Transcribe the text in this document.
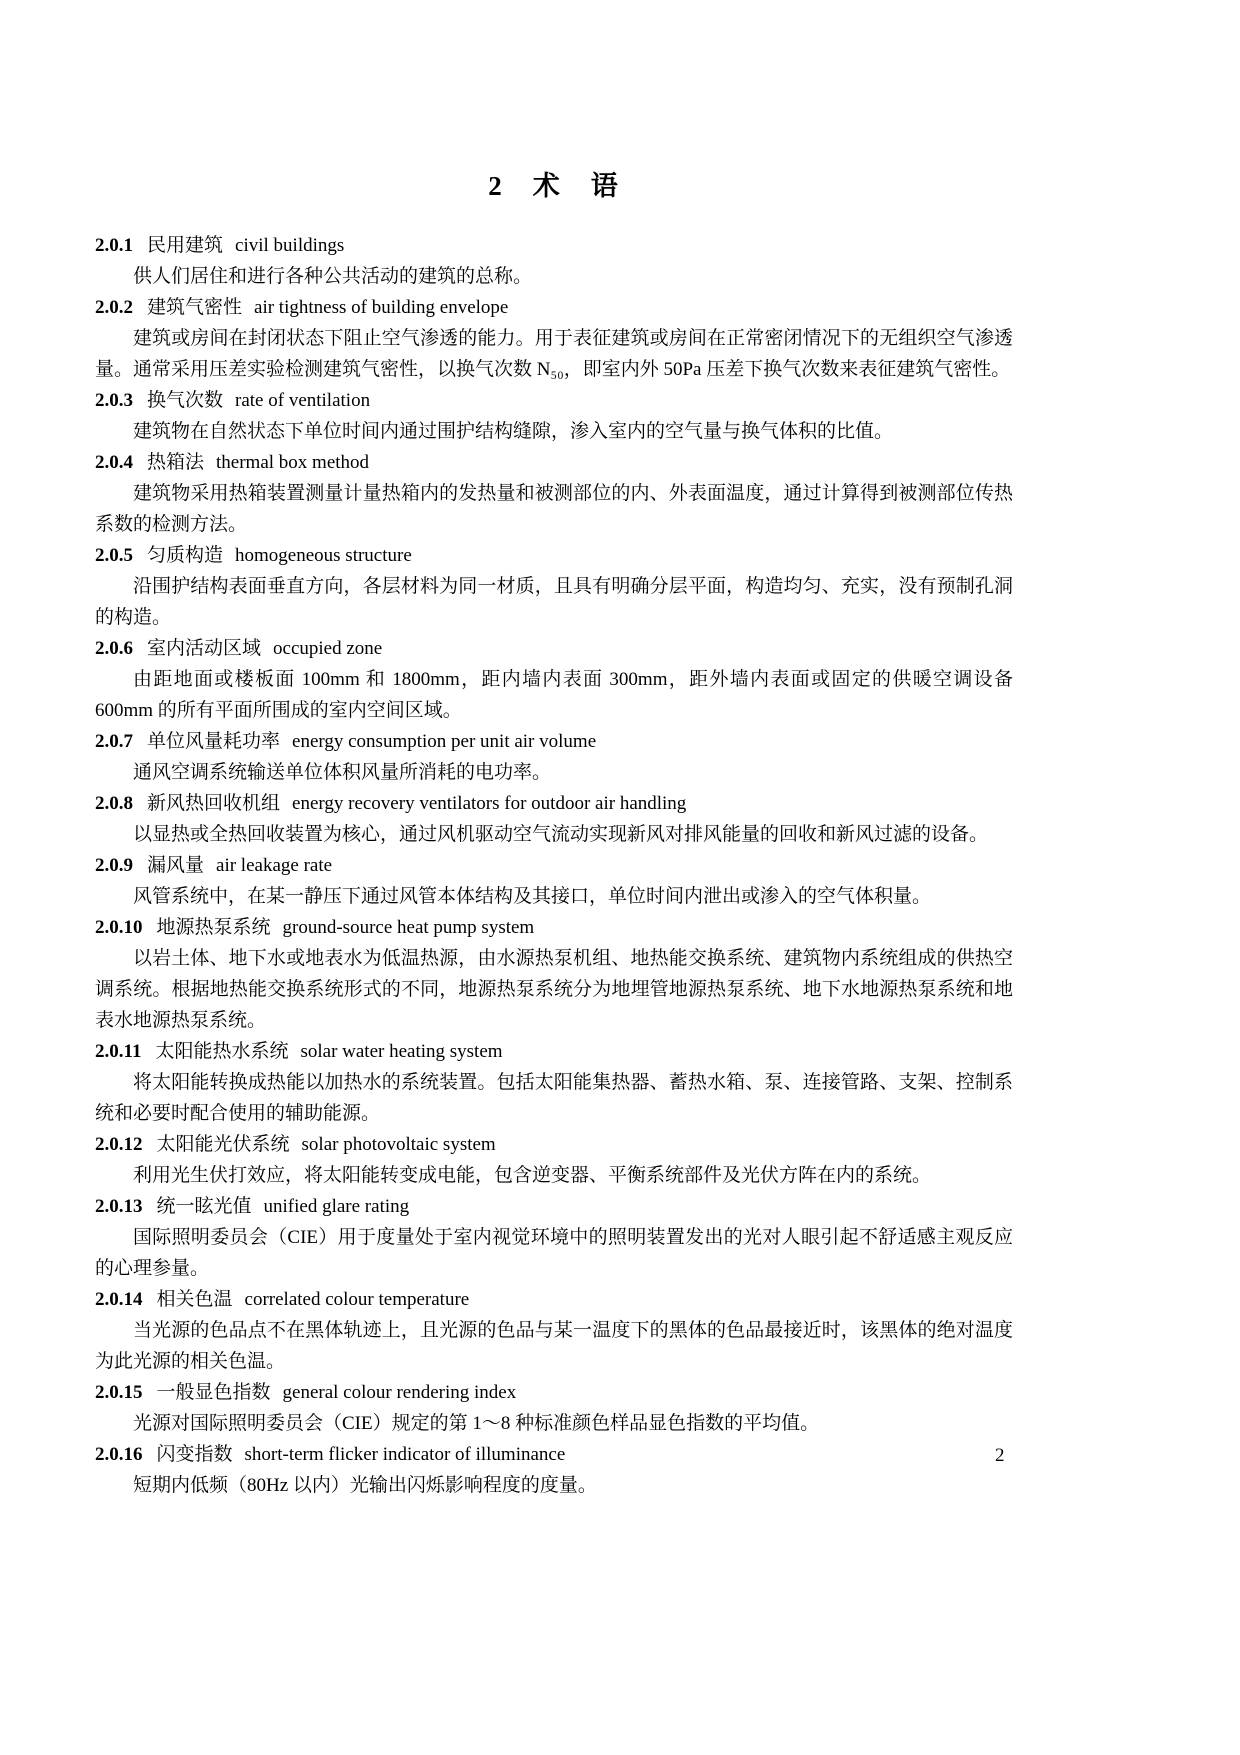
2　术　语
2.0.1 民用建筑 civil buildings

供人们居住和进行各种公共活动的建筑的总称。

2.0.2 建筑气密性 air tightness of building envelope

建筑或房间在封闭状态下阻止空气渗透的能力。用于表征建筑或房间在正常密闭情况下的无组织空气渗透量。通常采用压差实验检测建筑气密性，以换气次数 N₅₀，即室内外 50Pa 压差下换气次数来表征建筑气密性。

2.0.3 换气次数 rate of ventilation

建筑物在自然状态下单位时间内通过围护结构缝隙，渗入室内的空气量与换气体积的比值。

2.0.4 热箱法 thermal box method

建筑物采用热箱装置测量计量热箱内的发热量和被测部位的内、外表面温度，通过计算得到被测部位传热系数的检测方法。

2.0.5 匀质构造 homogeneous structure

沿围护结构表面垂直方向，各层材料为同一材质，且具有明确分层平面，构造均匀、充实，没有预制孔洞的构造。

2.0.6 室内活动区域 occupied zone

由距地面或楼板面 100mm 和 1800mm，距内墙内表面 300mm，距外墙内表面或固定的供暖空调设备 600mm 的所有平面所围成的室内空间区域。

2.0.7 单位风量耗功率 energy consumption per unit air volume

通风空调系统输送单位体积风量所消耗的电功率。

2.0.8 新风热回收机组 energy recovery ventilators for outdoor air handling

以显热或全热回收装置为核心，通过风机驱动空气流动实现新风对排风能量的回收和新风过滤的设备。

2.0.9 漏风量 air leakage rate

风管系统中，在某一静压下通过风管本体结构及其接口，单位时间内泄出或渗入的空气体积量。

2.0.10 地源热泵系统 ground-source heat pump system

以岩土体、地下水或地表水为低温热源，由水源热泵机组、地热能交换系统、建筑物内系统组成的供热空调系统。根据地热能交换系统形式的不同，地源热泵系统分为地埋管地源热泵系统、地下水地源热泵系统和地表水地源热泵系统。

2.0.11 太阳能热水系统 solar water heating system

将太阳能转换成热能以加热水的系统装置。包括太阳能集热器、蓄热水箱、泵、连接管路、支架、控制系统和必要时配合使用的辅助能源。

2.0.12 太阳能光伏系统 solar photovoltaic system

利用光生伏打效应，将太阳能转变成电能，包含逆变器、平衡系统部件及光伏方阵在内的系统。

2.0.13 统一眩光值 unified glare rating

国际照明委员会（CIE）用于度量处于室内视觉环境中的照明装置发出的光对人眼引起不舒适感主观反应的心理参量。

2.0.14 相关色温 correlated colour temperature

当光源的色品点不在黑体轨迹上，且光源的色品与某一温度下的黑体的色品最接近时，该黑体的绝对温度为此光源的相关色温。

2.0.15 一般显色指数 general colour rendering index

光源对国际照明委员会（CIE）规定的第 1～8 种标准颜色样品显色指数的平均值。

2.0.16 闪变指数 short-term flicker indicator of illuminance

短期内低频（80Hz 以内）光输出闪烁影响程度的度量。

2
